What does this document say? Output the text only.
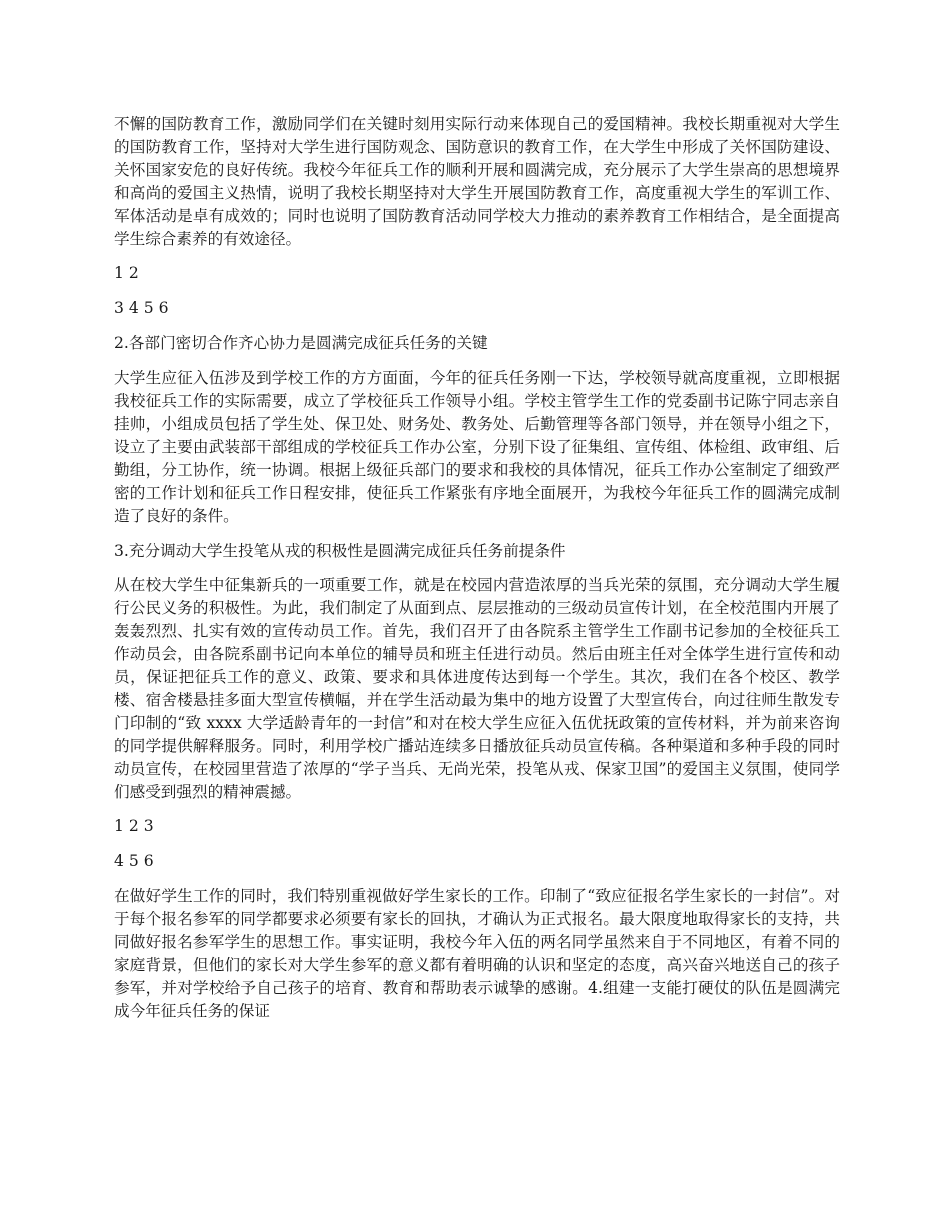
不懈的国防教育工作，激励同学们在关键时刻用实际行动来体现自己的爱国精神。我校长期重视对大学生的国防教育工作，坚持对大学生进行国防观念、国防意识的教育工作，在大学生中形成了关怀国防建设、关怀国家安危的良好传统。我校今年征兵工作的顺利开展和圆满完成，充分展示了大学生崇高的思想境界和高尚的爱国主义热情，说明了我校长期坚持对大学生开展国防教育工作，高度重视大学生的军训工作、军体活动是卓有成效的；同时也说明了国防教育活动同学校大力推动的素养教育工作相结合，是全面提高学生综合素养的有效途径。

1 2

3 4 5 6

2.各部门密切合作齐心协力是圆满完成征兵任务的关键

大学生应征入伍涉及到学校工作的方方面面，今年的征兵任务刚一下达，学校领导就高度重视，立即根据我校征兵工作的实际需要，成立了学校征兵工作领导小组。学校主管学生工作的党委副书记陈宁同志亲自挂帅，小组成员包括了学生处、保卫处、财务处、教务处、后勤管理等各部门领导，并在领导小组之下，设立了主要由武装部干部组成的学校征兵工作办公室，分别下设了征集组、宣传组、体检组、政审组、后勤组，分工协作，统一协调。根据上级征兵部门的要求和我校的具体情况，征兵工作办公室制定了细致严密的工作计划和征兵工作日程安排，使征兵工作紧张有序地全面展开，为我校今年征兵工作的圆满完成制造了良好的条件。

3.充分调动大学生投笔从戎的积极性是圆满完成征兵任务前提条件

从在校大学生中征集新兵的一项重要工作，就是在校园内营造浓厚的当兵光荣的氛围，充分调动大学生履行公民义务的积极性。为此，我们制定了从面到点、层层推动的三级动员宣传计划，在全校范围内开展了轰轰烈烈、扎实有效的宣传动员工作。首先，我们召开了由各院系主管学生工作副书记参加的全校征兵工作动员会，由各院系副书记向本单位的辅导员和班主任进行动员。然后由班主任对全体学生进行宣传和动员，保证把征兵工作的意义、政策、要求和具体进度传达到每一个学生。其次，我们在各个校区、教学楼、宿舍楼悬挂多面大型宣传横幅，并在学生活动最为集中的地方设置了大型宣传台，向过往师生散发专门印制的“致 xxxx 大学适龄青年的一封信”和对在校大学生应征入伍优抚政策的宣传材料，并为前来咨询的同学提供解释服务。同时，利用学校广播站连续多日播放征兵动员宣传稿。各种渠道和多种手段的同时动员宣传，在校园里营造了浓厚的“学子当兵、无尚光荣，投笔从戎、保家卫国”的爱国主义氛围，使同学们感受到强烈的精神震撼。

1 2 3

4 5 6

在做好学生工作的同时，我们特别重视做好学生家长的工作。印制了“致应征报名学生家长的一封信”。对于每个报名参军的同学都要求必须要有家长的回执，才确认为正式报名。最大限度地取得家长的支持，共同做好报名参军学生的思想工作。事实证明，我校今年入伍的两名同学虽然来自于不同地区，有着不同的家庭背景，但他们的家长对大学生参军的意义都有着明确的认识和坚定的态度，高兴奋兴地送自己的孩子参军，并对学校给予自己孩子的培育、教育和帮助表示诚挚的感谢。4.组建一支能打硬仗的队伍是圆满完成今年征兵任务的保证
